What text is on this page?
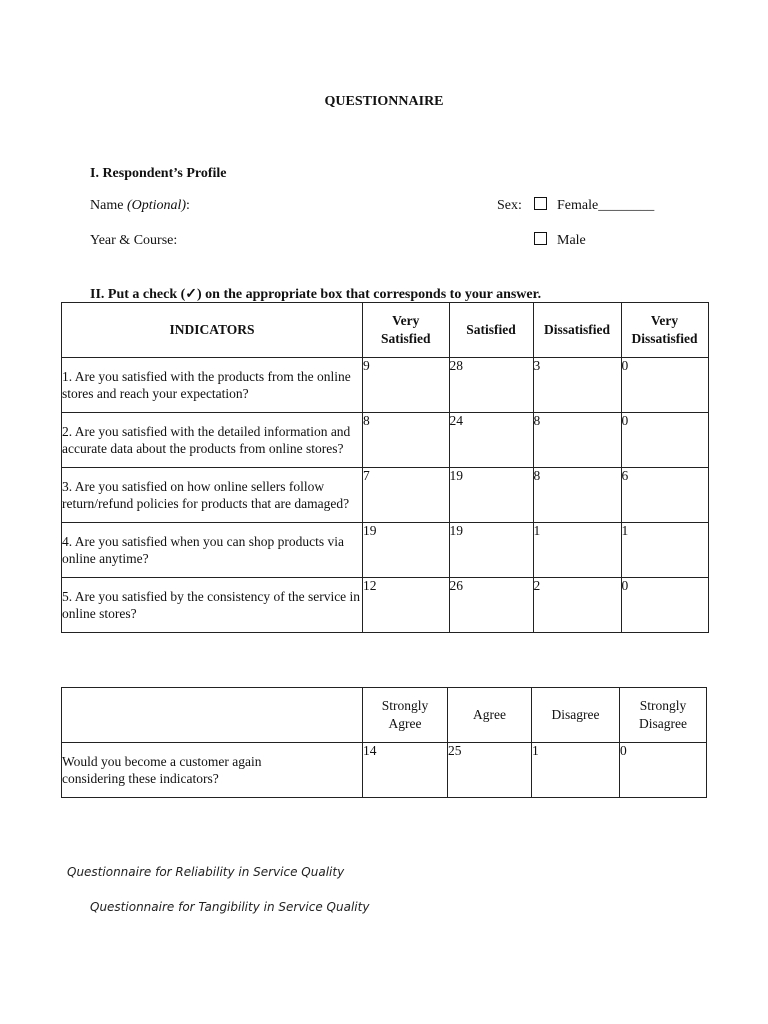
QUESTIONNAIRE
I. Respondent’s Profile
Name (Optional):	Sex:	Female________
Year & Course:	Male
II. Put a check (✓) on the appropriate box that corresponds to your answer.
INDICATORS	Very Satisfied	Satisfied	Dissatisfied	Very Dissatisfied
1. Are you satisfied with the products from the online stores and reach your expectation?	9	28	3	0
2. Are you satisfied with the detailed information and accurate data about the products from online stores?	8	24	8	0
3. Are you satisfied on how online sellers follow return/refund policies for products that are damaged?	7	19	8	6
4. Are you satisfied when you can shop products via online anytime?	19	19	1	1
5. Are you satisfied by the consistency of the service in online stores?	12	26	2	0
	Strongly Agree	Agree	Disagree	Strongly Disagree
Would you become a customer again considering these indicators?	14	25	1	0
Questionnaire for Reliability in Service Quality
Questionnaire for Tangibility in Service Quality
